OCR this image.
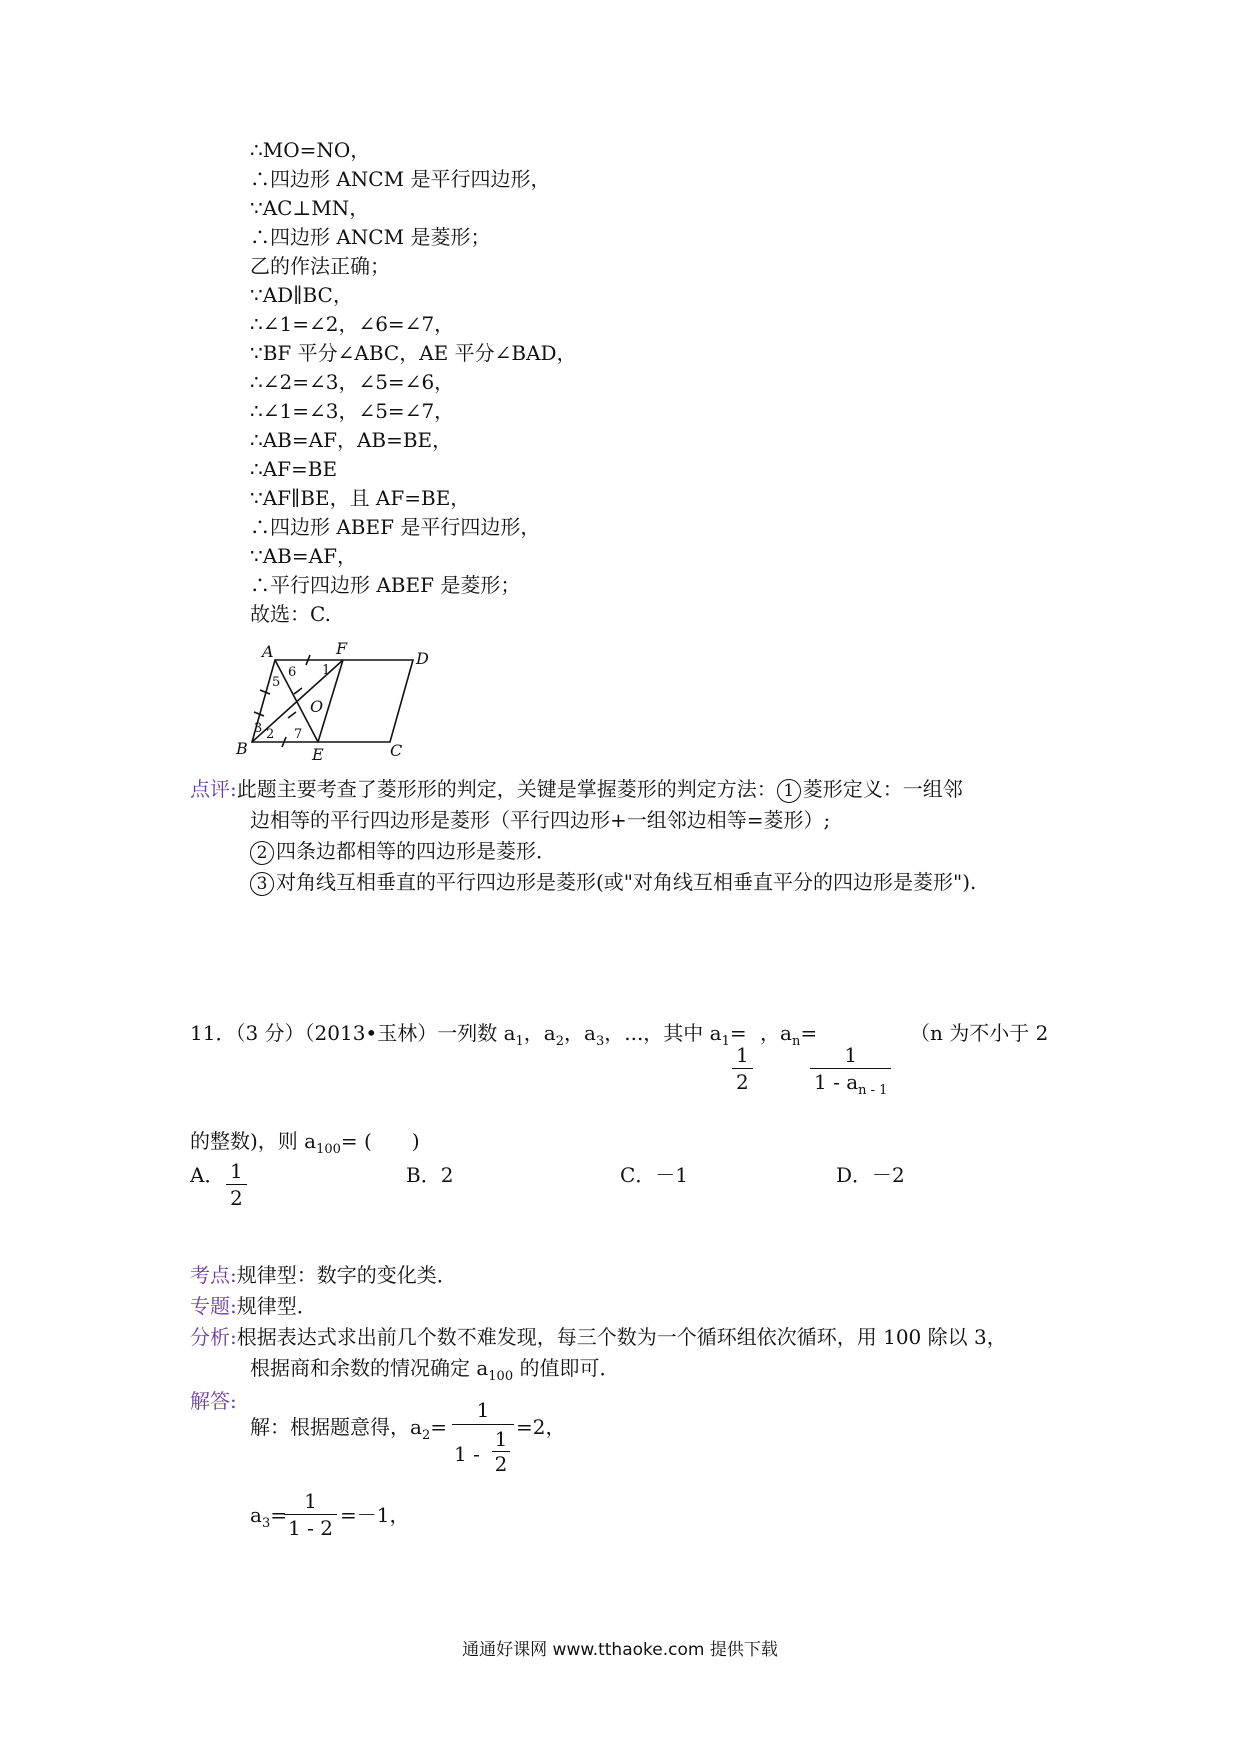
∴MO=NO，
∴四边形 ANCM 是平行四边形，
∵AC⊥MN，
∴四边形 ANCM 是菱形；
乙的作法正确；
∵AD∥BC，
∴∠1=∠2，∠6=∠7，
∵BF 平分∠ABC，AE 平分∠BAD，
∴∠2=∠3，∠5=∠6，
∴∠1=∠3，∠5=∠7，
∴AB=AF，AB=BE，
∴AF=BE
∵AF∥BE，且 AF=BE，
∴四边形 ABEF 是平行四边形，
∵AB=AF，
∴平行四边形 ABEF 是菱形；
故选：C.
A	F
D
B	E	C
O
6 1
5
3 2 7
点评:此题主要考查了菱形形的判定，关键是掌握菱形的判定方法： 1 菱形定义：一组邻
边相等的平行四边形是菱形（平行四边形+一组邻边相等=菱形）;
2 四条边都相等的四边形是菱形．
3 对角线互相垂直的平行四边形是菱形(或"对角线互相垂直平分的四边形是菱形").
11．（3 分）（2013•玉林）一列数 $a_1$，$a_2$，$a_3$，...，其中 $a_1=$
$\frac{1}{2}$
，$a_n=$
$\frac{1}{1 - a_{n - 1}}$
（n 为不小于 2
的整数)，则 $a_{100}=$ (　　)
A． $\frac{1}{2}$	B．2	C．－1	D．－2
考点:规律型：数字的变化类．
专题:规律型．
分析:根据表达式求出前几个数不难发现，每三个数为一个循环组依次循环，用 100 除以 3，
根据商和余数的情况确定 $a_{100}$ 的值即可．
解答:
解：根据题意得，$a_2= \frac{1}{1 - \frac{1}{2}} =2$，
$a_3=$
$\frac{1}{1 - 2} =-1$，
通通好课网 www.tthaoke.com 提供下载
